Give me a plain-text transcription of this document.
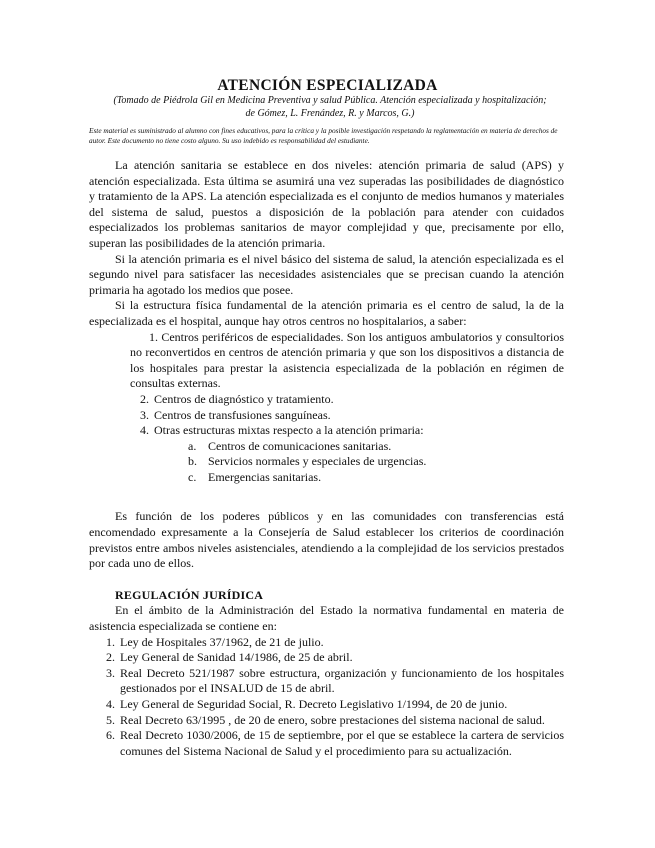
ATENCIÓN ESPECIALIZADA
(Tomado de Piédrola Gil en Medicina Preventiva y salud Pública. Atención especializada y hospitalización;
de Gómez, L. Frenández, R. y Marcos, G.)
Este material es suministrado al alumno con fines educativos, para la crítica y la posible investigación respetando la reglamentación en materia de derechos de autor. Este documento no tiene costo alguno. Su uso indebido es responsabilidad del estudiante.

La atención sanitaria se establece en dos niveles: atención primaria de salud (APS) y atención especializada. Esta última se asumirá una vez superadas las posibilidades de diagnóstico y tratamiento de la APS. La atención especializada es el conjunto de medios humanos y materiales del sistema de salud, puestos a disposición de la población para atender con cuidados especializados los problemas sanitarios de mayor complejidad y que, precisamente por ello, superan las posibilidades de la atención primaria.

Si la atención primaria es el nivel básico del sistema de salud, la atención especializada es el segundo nivel para satisfacer las necesidades asistenciales que se precisan cuando la atención primaria ha agotado los medios que posee.

Si la estructura física fundamental de la atención primaria es el centro de salud, la de la especializada es el hospital, aunque hay otros centros no hospitalarios, a saber:

1. Centros periféricos de especialidades. Son los antiguos ambulatorios y consultorios no reconvertidos en centros de atención primaria y que son los dispositivos a distancia de los hospitales para prestar la asistencia especializada de la población en régimen de consultas externas.
2. Centros de diagnóstico y tratamiento.
3. Centros de transfusiones sanguíneas.
4. Otras estructuras mixtas respecto a la atención primaria:
a. Centros de comunicaciones sanitarias.
b. Servicios normales y especiales de urgencias.
c. Emergencias sanitarias.

Es función de los poderes públicos y en las comunidades con transferencias está encomendado expresamente a la Consejería de Salud establecer los criterios de coordinación previstos entre ambos niveles asistenciales, atendiendo a la complejidad de los servicios prestados por cada uno de ellos.

REGULACIÓN JURÍDICA

En el ámbito de la Administración del Estado la normativa fundamental en materia de asistencia especializada se contiene en:

1. Ley de Hospitales 37/1962, de 21 de julio.
2. Ley General de Sanidad 14/1986, de 25 de abril.
3. Real Decreto 521/1987 sobre estructura, organización y funcionamiento de los hospitales gestionados por el INSALUD de 15 de abril.
4. Ley General de Seguridad Social, R. Decreto Legislativo 1/1994, de 20 de junio.
5. Real Decreto 63/1995 , de 20 de enero, sobre prestaciones del sistema nacional de salud.
6. Real Decreto 1030/2006, de 15 de septiembre, por el que se establece la cartera de servicios comunes del Sistema Nacional de Salud y el procedimiento para su actualización.
